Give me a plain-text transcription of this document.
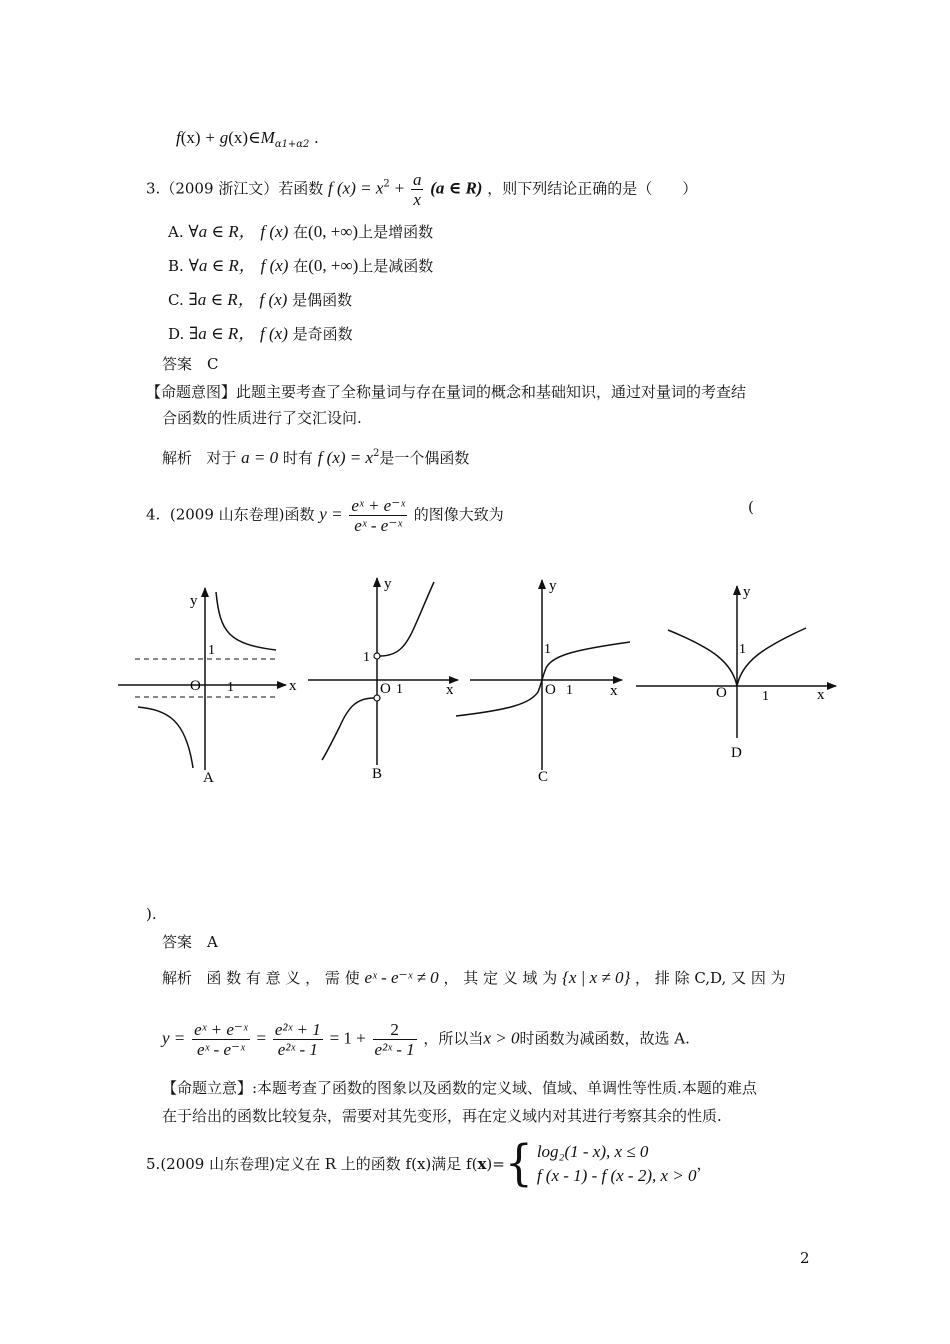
$f(x) + g(x)\in M_{\alpha 1+\alpha 2}$ .
3.（2009 浙江文）若函数 f $(x) = x^2 + \frac{a}{x} (a$ ∈ R) ，则下列结论正确的是（　　）
A. ∀a ∈ R， f (x) 在(0, +∞)上是增函数
B. ∀a ∈ R， f (x) 在(0, +∞)上是减函数
C. ∃a ∈ R， f (x) 是偶函数
D. ∃a ∈ R， f (x) 是奇函数
答案　C
【命题意图】此题主要考查了全称量词与存在量词的概念和基础知识，通过对量词的考查结
合函数的性质进行了交汇设问.
解析 对于 a = 0 时有 f $(x) = x^2$是一个偶函数
4. (2009 山东卷理)函数 $y = \frac{\text{eˣ + e⁻ˣ}}{\text{eˣ - e⁻ˣ}}$ 的图像大致为	(
y
1
O 1	x
A
y
1
O 1	x
B
y
1
O 1 x
C
y
1
O	1	x
D
).
答案　A
解析 函 数 有 意 义 ， 需 使 eˣ - e⁻ˣ ≠ 0 ， 其 定 义 域 为 {x | x ≠ 0} ， 排 除 C,D, 又 因 为
$y = \frac{\text{eˣ + e⁻ˣ}}{\text{eˣ - e⁻ˣ}} = \frac{\text{e²ˣ + 1}}{\text{e²ˣ - 1}} = 1 + \frac{2}{\text{e²ˣ - 1}}$ ，所以当x > 0时函数为减函数，故选 A.
【命题立意】:本题考查了函数的图象以及函数的定义域、值域、单调性等性质.本题的难点
在于给出的函数比较复杂，需要对其先变形，再在定义域内对其进行考察其余的性质.
5. (2009 山东卷理)定义在 R 上的函数 f(x)满足 f( x )= { log₂(1 - x), x ≤ 0
f (x - 1) - f (x - 2), x > 0
，
2
